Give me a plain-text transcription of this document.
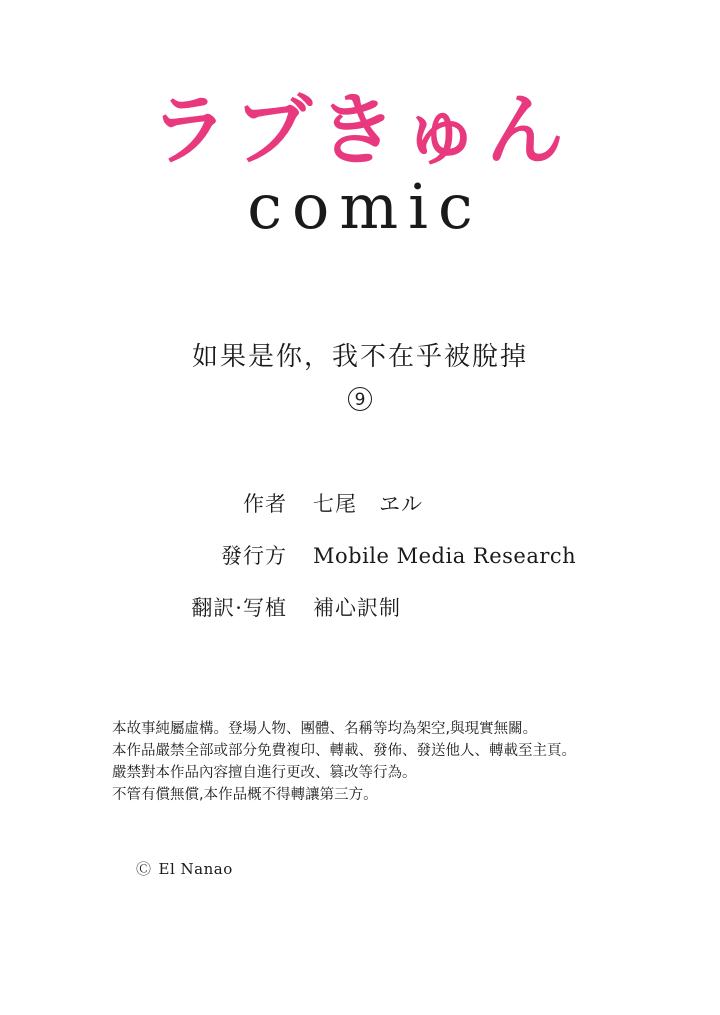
ラブきゅん
comic
如果是你，我不在乎被脫掉
9
作者 七尾　ヱル
發行方 Mobile Media Research
翻訳·写植 補心訳制
本故事純屬虛構。登場人物、團體、名稱等均為架空,與現實無關。
本作品嚴禁全部或部分免費複印、轉載、發佈、發送他人、轉載至主頁。
嚴禁對本作品內容擅自進行更改、篡改等行為。
不管有償無償,本作品概不得轉讓第三方。
Ⓒ El Nanao
